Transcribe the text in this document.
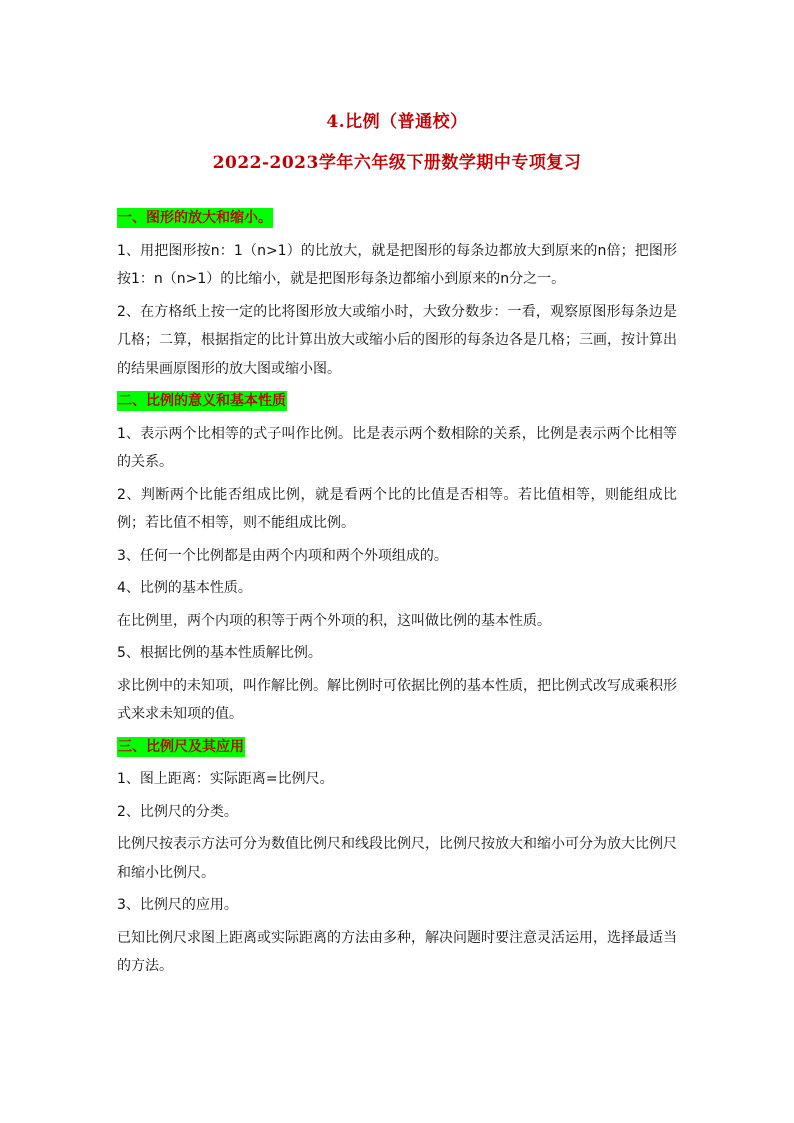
4.比例（普通校）
2022-2023学年六年级下册数学期中专项复习
一、图形的放大和缩小。

1、用把图形按n：1（n>1）的比放大，就是把图形的每条边都放大到原来的n倍；把图形按1：n（n>1）的比缩小，就是把图形每条边都缩小到原来的n分之一。

2、在方格纸上按一定的比将图形放大或缩小时，大致分数步：一看，观察原图形每条边是几格；二算，根据指定的比计算出放大或缩小后的图形的每条边各是几格；三画，按计算出的结果画原图形的放大图或缩小图。

二、比例的意义和基本性质

1、表示两个比相等的式子叫作比例。比是表示两个数相除的关系，比例是表示两个比相等的关系。

2、判断两个比能否组成比例，就是看两个比的比值是否相等。若比值相等，则能组成比例；若比值不相等，则不能组成比例。

3、任何一个比例都是由两个内项和两个外项组成的。

4、比例的基本性质。

在比例里，两个内项的积等于两个外项的积，这叫做比例的基本性质。

5、根据比例的基本性质解比例。

求比例中的未知项，叫作解比例。解比例时可依据比例的基本性质，把比例式改写成乘积形式来求未知项的值。

三、比例尺及其应用

1、图上距离：实际距离=比例尺。

2、比例尺的分类。

比例尺按表示方法可分为数值比例尺和线段比例尺，比例尺按放大和缩小可分为放大比例尺和缩小比例尺。

3、比例尺的应用。

已知比例尺求图上距离或实际距离的方法由多种，解决问题时要注意灵活运用，选择最适当的方法。
